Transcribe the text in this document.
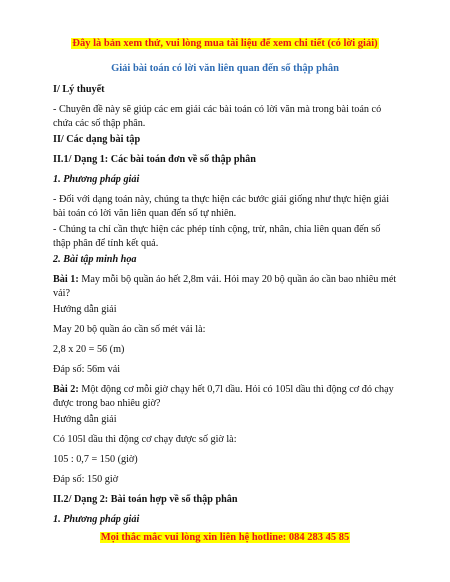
Đây là bản xem thử, vui lòng mua tài liệu để xem chi tiết (có lời giải)
Giải bài toán có lời văn liên quan đến số thập phân
I/ Lý thuyết
- Chuyên đề này sẽ giúp các em giải các bài toán có lời văn mà trong bài toán có chứa các số thập phân.
II/ Các dạng bài tập
II.1/ Dạng 1: Các bài toán đơn về số thập phân
1. Phương pháp giải
- Đối với dạng toán này, chúng ta thực hiện các bước giải giống như thực hiện giải bài toán có lời văn liên quan đến số tự nhiên.
- Chúng ta chỉ cần thực hiện các phép tính cộng, trừ, nhân, chia liên quan đến số thập phân để tính kết quả.
2. Bài tập minh họa
Bài 1: May mỗi bộ quần áo hết 2,8m vải. Hỏi may 20 bộ quần áo cần bao nhiêu mét vải?
Hướng dẫn giải
May 20 bộ quần áo cần số mét vải là:
2,8 x 20 = 56 (m)
Đáp số: 56m vải
Bài 2: Một động cơ mỗi giờ chạy hết 0,7l dầu. Hỏi có 105l dầu thì động cơ đó chạy được trong bao nhiêu giờ?
Hướng dẫn giải
Có 105l dầu thì động cơ chạy được số giờ là:
105 : 0,7 = 150 (giờ)
Đáp số: 150 giờ
II.2/ Dạng 2: Bài toán hợp về số thập phân
1. Phương pháp giải
Mọi thắc mắc vui lòng xin liên hệ hotline: 084 283 45 85
